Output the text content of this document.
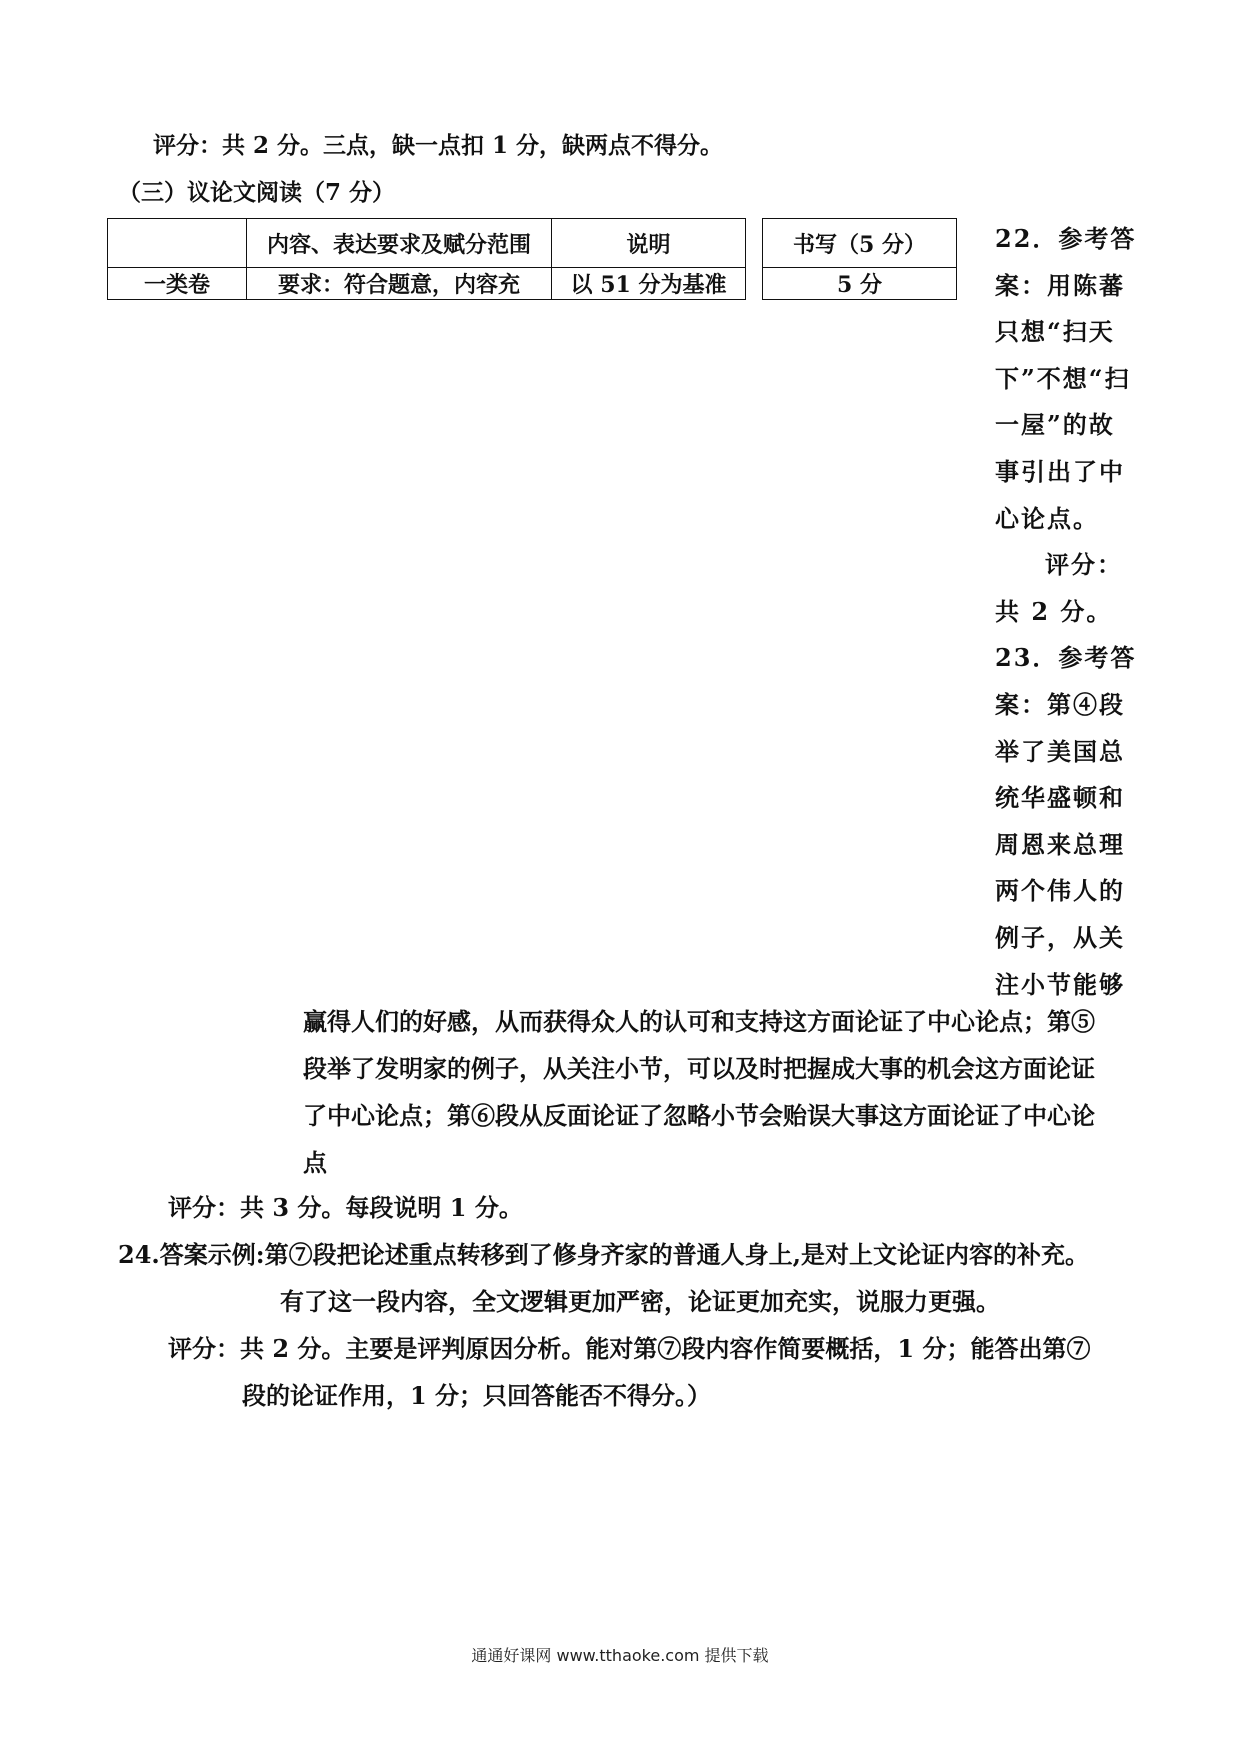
评分：共 2 分。三点，缺一点扣 1 分，缺两点不得分。
（三）议论文阅读（7 分）
	内容、表达要求及赋分范围	说明		书写（5 分）
一类卷	要求：符合题意，内容充	以 51 分为基准		5 分
22．参考答
案：用陈蕃
只想“扫天
下”不想“扫
一屋”的故
事引出了中
心论点。
评分：
共 2 分。
23．参考答
案：第④段
举了美国总
统华盛顿和
周恩来总理
两个伟人的
例子，从关
注小节能够
赢得人们的好感，从而获得众人的认可和支持这方面论证了中心论点；第⑤
段举了发明家的例子，从关注小节，可以及时把握成大事的机会这方面论证
了中心论点；第⑥段从反面论证了忽略小节会贻误大事这方面论证了中心论
点
评分：共 3 分。每段说明 1 分。
24.答案示例:第⑦段把论述重点转移到了修身齐家的普通人身上,是对上文论证内容的补充。
有了这一段内容，全文逻辑更加严密，论证更加充实，说服力更强。
评分：共 2 分。主要是评判原因分析。能对第⑦段内容作简要概括，1 分；能答出第⑦
段的论证作用，1 分；只回答能否不得分。）
通通好课网 www.tthaoke.com 提供下载
